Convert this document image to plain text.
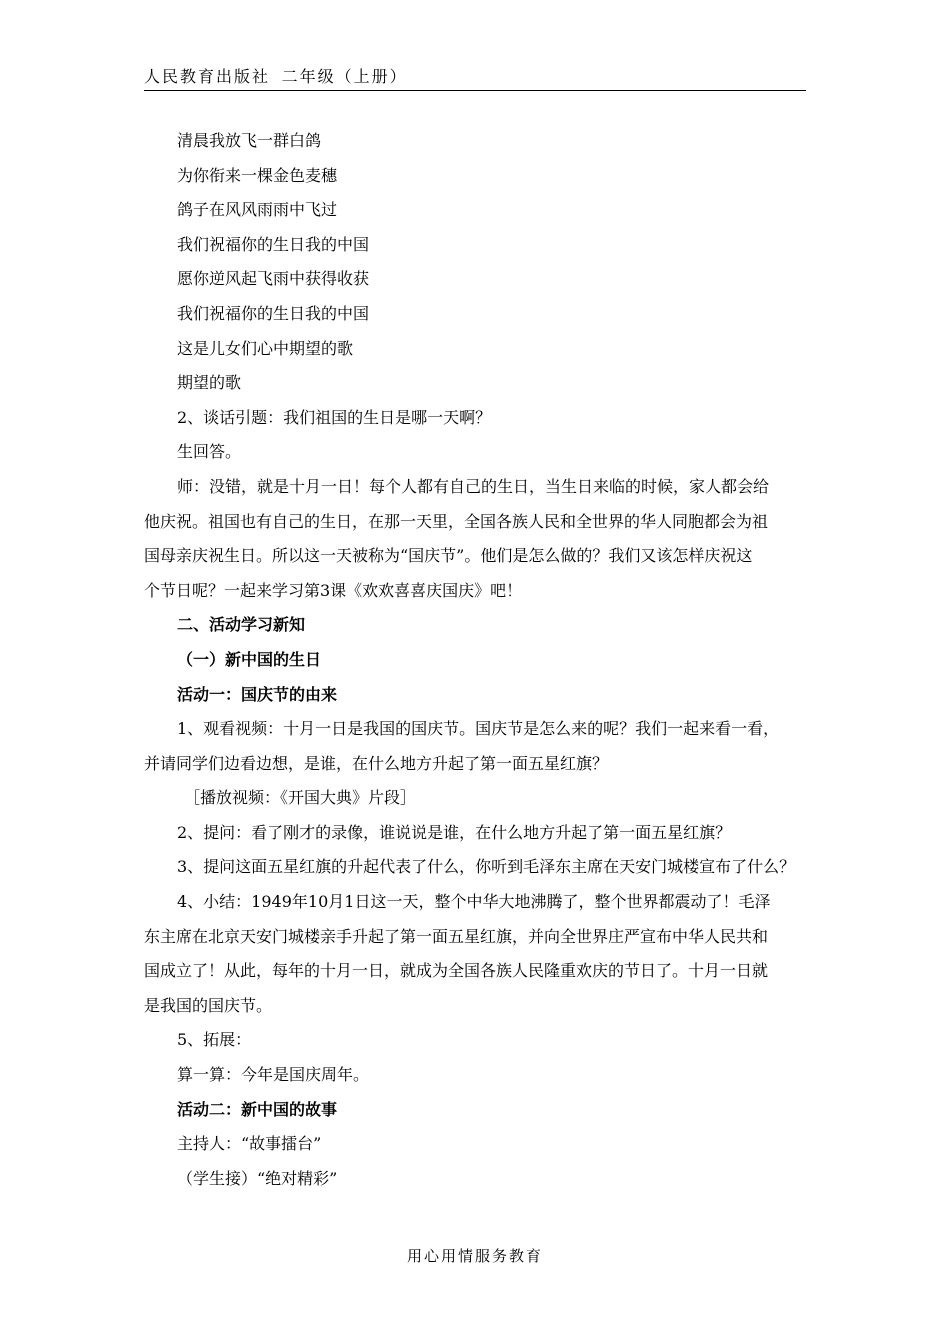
人民教育出版社 二年级（上册）

清晨我放飞一群白鸽

为你衔来一棵金色麦穗

鸽子在风风雨雨中飞过

我们祝福你的生日我的中国

愿你逆风起飞雨中获得收获

我们祝福你的生日我的中国

这是儿女们心中期望的歌

期望的歌

2、谈话引题：我们祖国的生日是哪一天啊？

生回答。

师：没错，就是十月一日！每个人都有自己的生日，当生日来临的时候，家人都会给

他庆祝。祖国也有自己的生日，在那一天里，全国各族人民和全世界的华人同胞都会为祖

国母亲庆祝生日。所以这一天被称为“国庆节”。他们是怎么做的？我们又该怎样庆祝这

个节日呢？一起来学习第3课《欢欢喜喜庆国庆》吧！

二、活动学习新知

（一）新中国的生日

活动一：国庆节的由来

1、观看视频：十月一日是我国的国庆节。国庆节是怎么来的呢？我们一起来看一看，

并请同学们边看边想，是谁，在什么地方升起了第一面五星红旗？

［播放视频：《开国大典》片段］

2、提问：看了刚才的录像，谁说说是谁，在什么地方升起了第一面五星红旗？

3、提问这面五星红旗的升起代表了什么，你听到毛泽东主席在天安门城楼宣布了什么？

4、小结：1949年10月1日这一天，整个中华大地沸腾了，整个世界都震动了！毛泽

东主席在北京天安门城楼亲手升起了第一面五星红旗，并向全世界庄严宣布中华人民共和

国成立了！从此，每年的十月一日，就成为全国各族人民隆重欢庆的节日了。十月一日就

是我国的国庆节。

5、拓展：

算一算：今年是国庆周年。

活动二：新中国的故事

主持人：“故事擂台”

（学生接）“绝对精彩”

用心用情服务教育
